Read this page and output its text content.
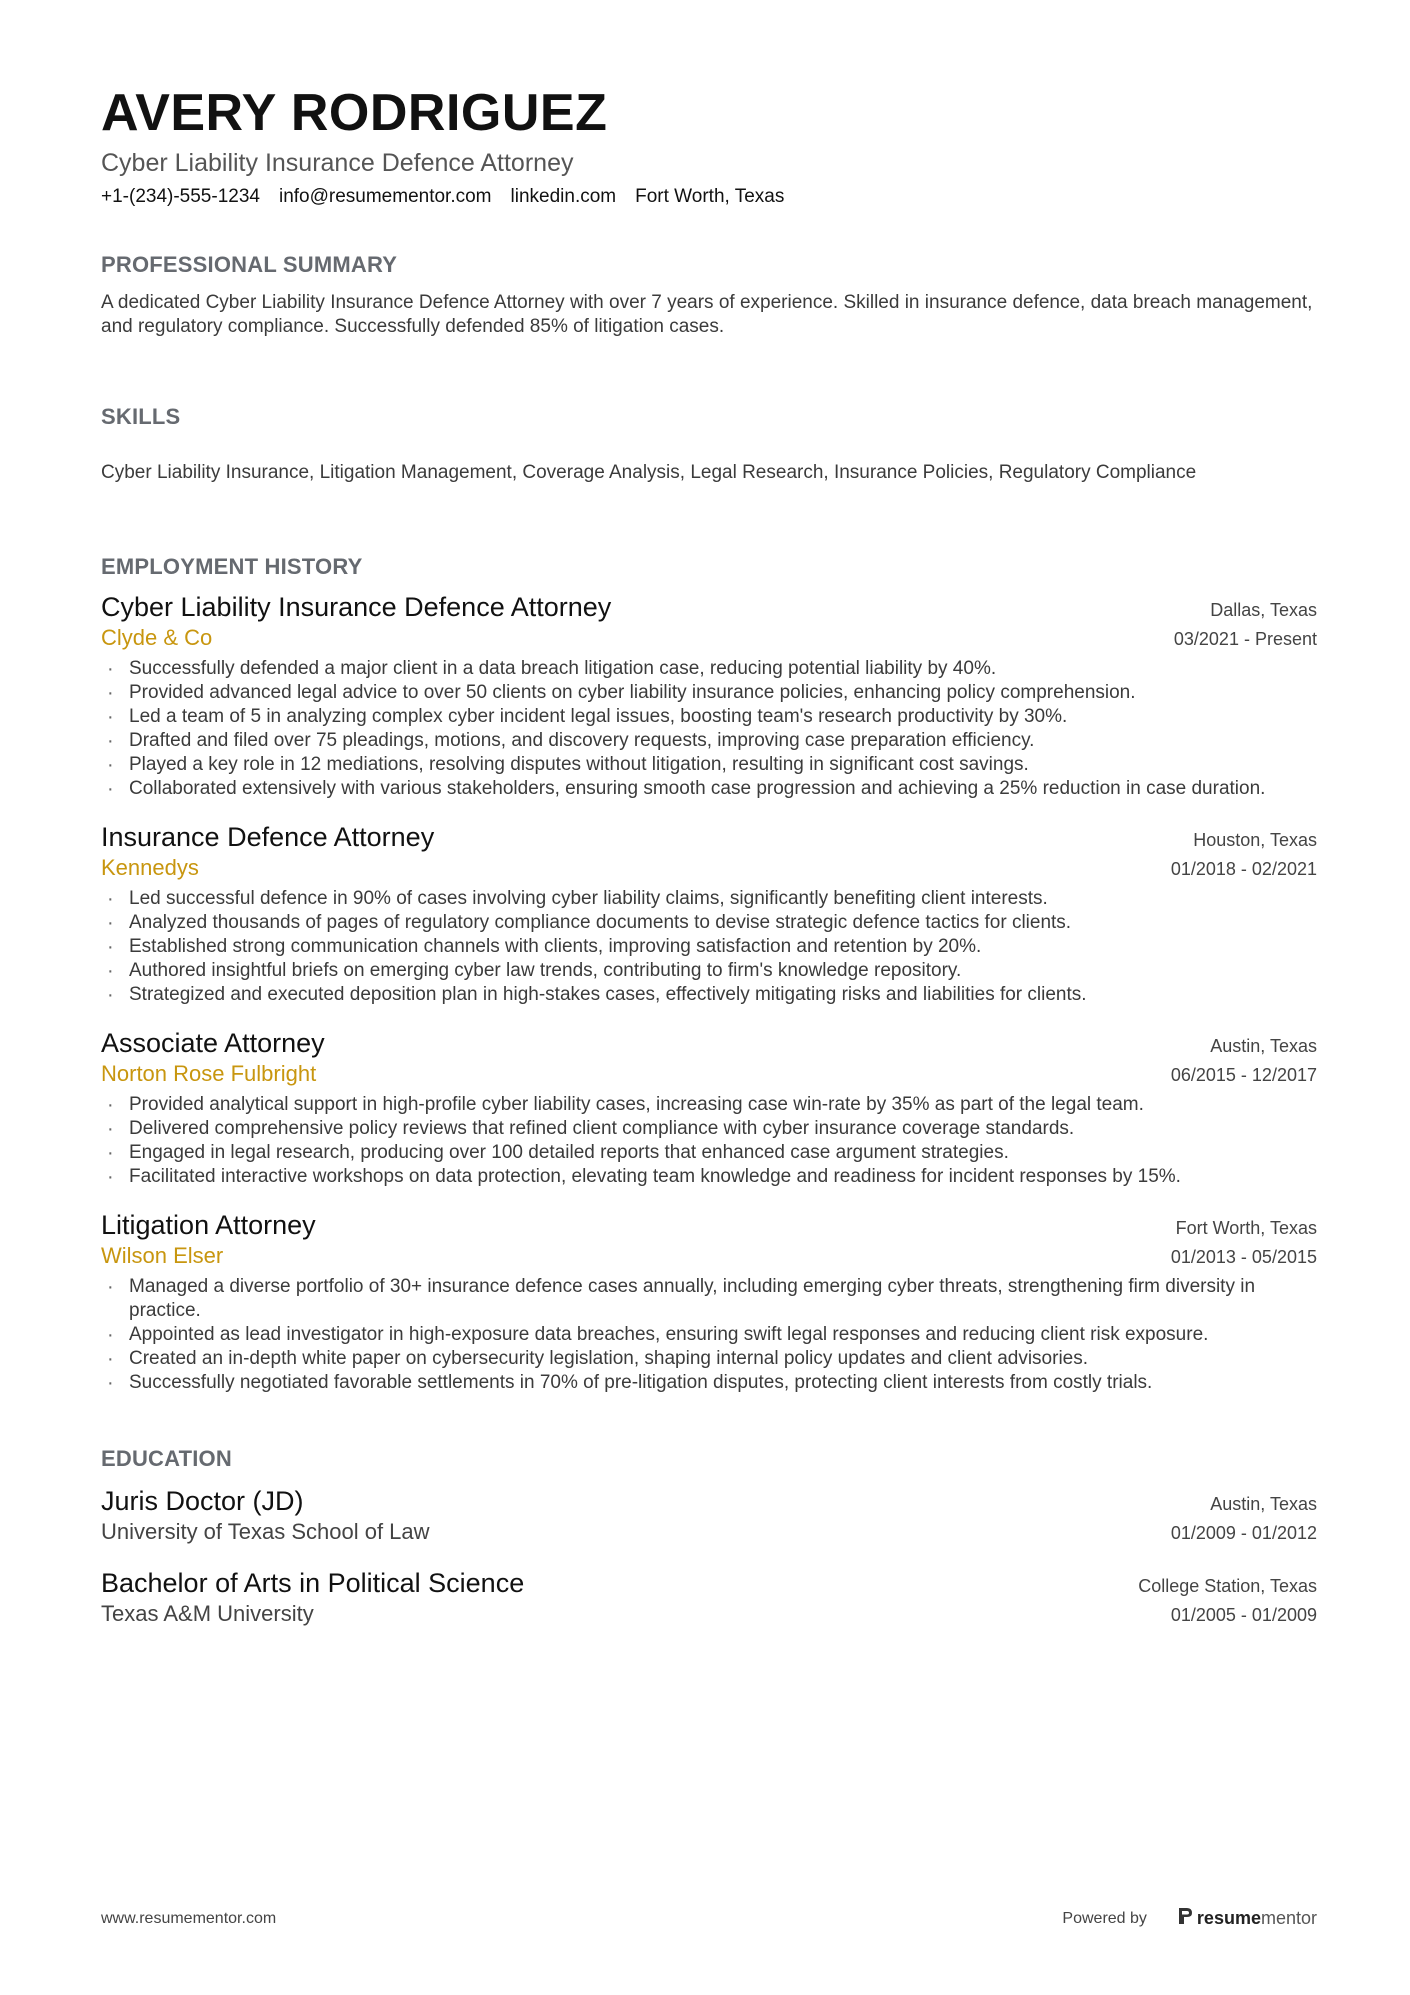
AVERY RODRIGUEZ
Cyber Liability Insurance Defence Attorney
+1-(234)-555-1234 info@resumementor.com linkedin.com Fort Worth, Texas
PROFESSIONAL SUMMARY
A dedicated Cyber Liability Insurance Defence Attorney with over 7 years of experience. Skilled in insurance defence, data breach management, and regulatory compliance. Successfully defended 85% of litigation cases.
SKILLS
Cyber Liability Insurance, Litigation Management, Coverage Analysis, Legal Research, Insurance Policies, Regulatory Compliance
EMPLOYMENT HISTORY
Cyber Liability Insurance Defence Attorney	Dallas, Texas
Clyde & Co	03/2021 - Present
· Successfully defended a major client in a data breach litigation case, reducing potential liability by 40%.
· Provided advanced legal advice to over 50 clients on cyber liability insurance policies, enhancing policy comprehension.
· Led a team of 5 in analyzing complex cyber incident legal issues, boosting team's research productivity by 30%.
· Drafted and filed over 75 pleadings, motions, and discovery requests, improving case preparation efficiency.
· Played a key role in 12 mediations, resolving disputes without litigation, resulting in significant cost savings.
· Collaborated extensively with various stakeholders, ensuring smooth case progression and achieving a 25% reduction in case duration.
Insurance Defence Attorney	Houston, Texas
Kennedys	01/2018 - 02/2021
· Led successful defence in 90% of cases involving cyber liability claims, significantly benefiting client interests.
· Analyzed thousands of pages of regulatory compliance documents to devise strategic defence tactics for clients.
· Established strong communication channels with clients, improving satisfaction and retention by 20%.
· Authored insightful briefs on emerging cyber law trends, contributing to firm's knowledge repository.
· Strategized and executed deposition plan in high-stakes cases, effectively mitigating risks and liabilities for clients.
Associate Attorney	Austin, Texas
Norton Rose Fulbright	06/2015 - 12/2017
· Provided analytical support in high-profile cyber liability cases, increasing case win-rate by 35% as part of the legal team.
· Delivered comprehensive policy reviews that refined client compliance with cyber insurance coverage standards.
· Engaged in legal research, producing over 100 detailed reports that enhanced case argument strategies.
· Facilitated interactive workshops on data protection, elevating team knowledge and readiness for incident responses by 15%.
Litigation Attorney	Fort Worth, Texas
Wilson Elser	01/2013 - 05/2015
· Managed a diverse portfolio of 30+ insurance defence cases annually, including emerging cyber threats, strengthening firm diversity in practice.
· Appointed as lead investigator in high-exposure data breaches, ensuring swift legal responses and reducing client risk exposure.
· Created an in-depth white paper on cybersecurity legislation, shaping internal policy updates and client advisories.
· Successfully negotiated favorable settlements in 70% of pre-litigation disputes, protecting client interests from costly trials.
EDUCATION
Juris Doctor (JD)	Austin, Texas
University of Texas School of Law	01/2009 - 01/2012
Bachelor of Arts in Political Science	College Station, Texas
Texas A&M University	01/2005 - 01/2009
www.resumementor.com	Powered by	resume mentor
